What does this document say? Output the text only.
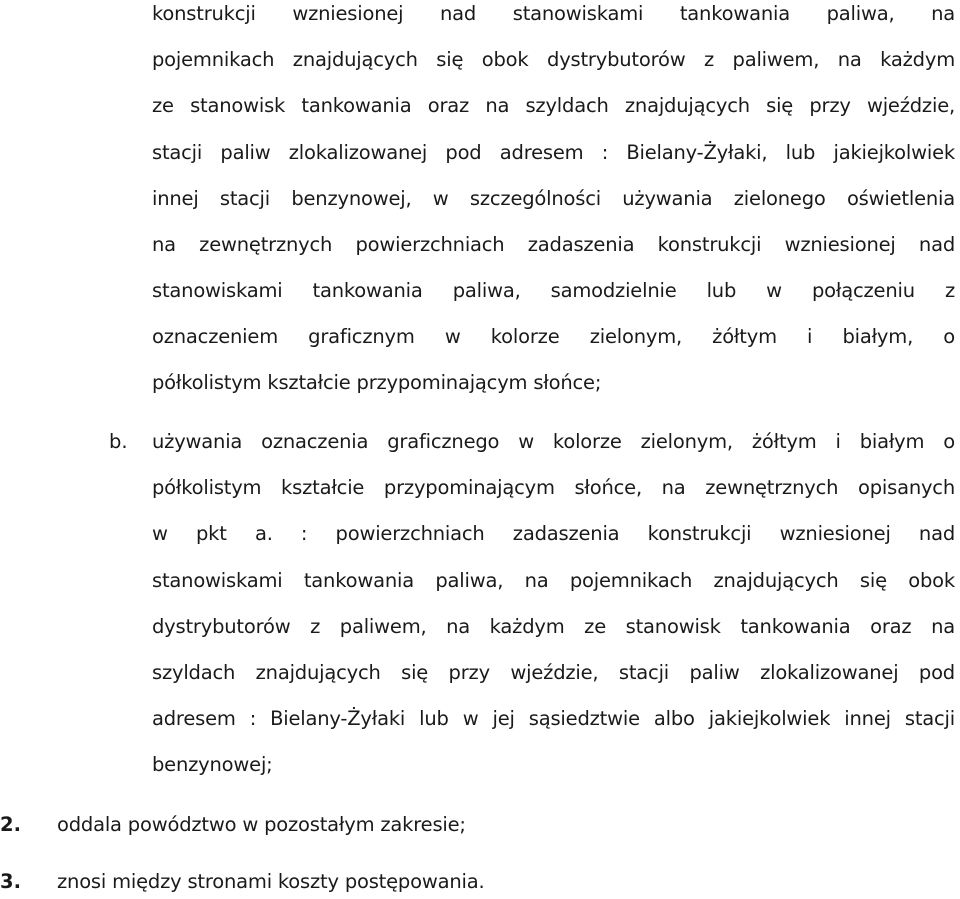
konstrukcji wzniesionej nad stanowiskami tankowania paliwa, na
pojemnikach znajdujących się obok dystrybutorów z paliwem, na każdym
ze stanowisk tankowania oraz na szyldach znajdujących się przy wjeździe,
stacji paliw zlokalizowanej pod adresem : Bielany-Żyłaki, lub jakiejkolwiek
innej stacji benzynowej, w szczególności używania zielonego oświetlenia
na zewnętrznych powierzchniach zadaszenia konstrukcji wzniesionej nad
stanowiskami tankowania paliwa, samodzielnie lub w połączeniu z
oznaczeniem graficznym w kolorze zielonym, żółtym i białym, o
półkolistym kształcie przypominającym słońce;
b. używania oznaczenia graficznego w kolorze zielonym, żółtym i białym o
półkolistym kształcie przypominającym słońce, na zewnętrznych opisanych
w pkt a. : powierzchniach zadaszenia konstrukcji wzniesionej nad
stanowiskami tankowania paliwa, na pojemnikach znajdujących się obok
dystrybutorów z paliwem, na każdym ze stanowisk tankowania oraz na
szyldach znajdujących się przy wjeździe, stacji paliw zlokalizowanej pod
adresem : Bielany-Żyłaki lub w jej sąsiedztwie albo jakiejkolwiek innej stacji
benzynowej;
2. oddala powództwo w pozostałym zakresie;
3. znosi między stronami koszty postępowania.
